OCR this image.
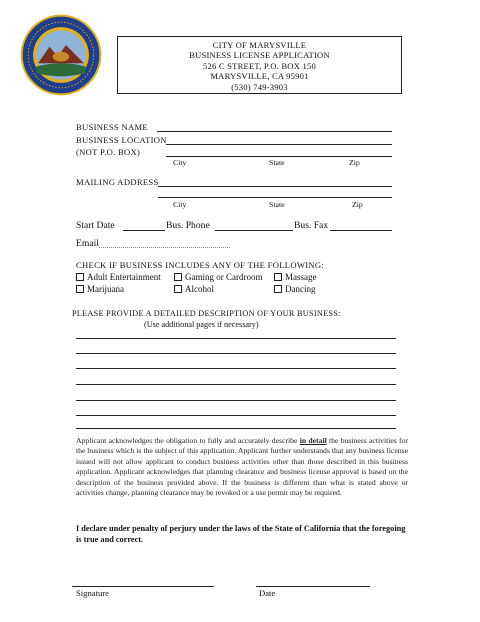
CITY OF MARYSVILLE
BUSINESS LICENSE APPLICATION
526 C STREET, P.O. BOX 150
MARYSVILLE, CA 95901
(530) 749-3903
BUSINESS NAME
BUSINESS LOCATION
(NOT P.O. BOX)
City	State	Zip
MAILING ADDRESS
City	State	Zip
Start Date	Bus. Phone	Bus. Fax
Email
CHECK IF BUSINESS INCLUDES ANY OF THE FOLLOWING:
Adult Entertainment	Gaming or Cardroom	Massage
Marijuana	Alcohol	Dancing
PLEASE PROVIDE A DETAILED DESCRIPTION OF YOUR BUSINESS:
(Use additional pages if necessary)
Applicant acknowledges the obligation to fully and accurately describe in detail the business activities for the business which is the subject of this application. Applicant further understands that any business license issued will not allow applicant to conduct business activities other than those described in this business application. Applicant acknowledges that planning clearance and business license approval is based on the description of the business provided above. If the business is different than what is stated above or activities change, planning clearance may be revoked or a use permit may be required.
I declare under penalty of perjury under the laws of the State of California that the foregoing is true and correct.
Signature	Date
